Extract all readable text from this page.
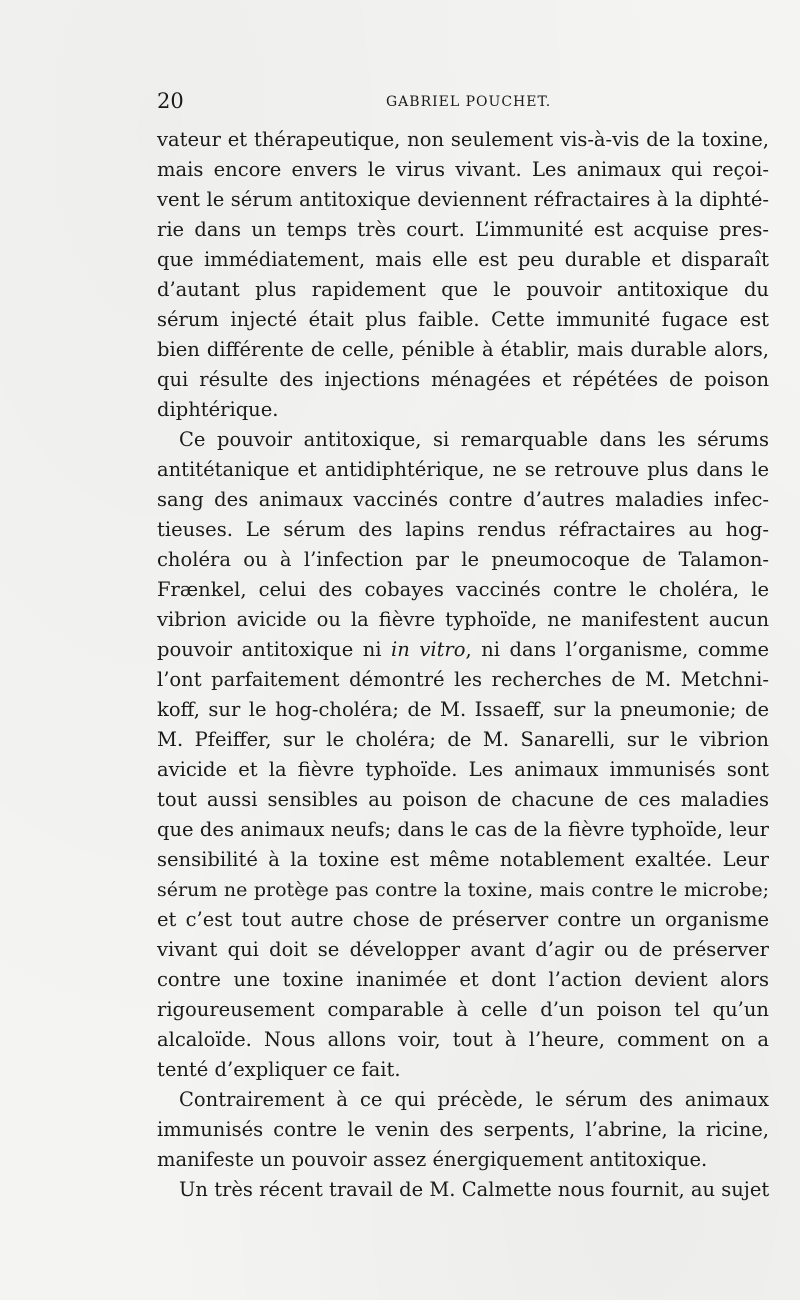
20	GABRIEL POUCHET.
vateur et thérapeutique, non seulement vis-à-vis de la toxine,
mais encore envers le virus vivant. Les animaux qui reçoi-
vent le sérum antitoxique deviennent réfractaires à la diphté-
rie dans un temps très court. L’immunité est acquise pres-
que immédiatement, mais elle est peu durable et disparaît
d’autant plus rapidement que le pouvoir antitoxique du
sérum injecté était plus faible. Cette immunité fugace est
bien différente de celle, pénible à établir, mais durable alors,
qui résulte des injections ménagées et répétées de poison
diphtérique.
Ce pouvoir antitoxique, si remarquable dans les sérums
antitétanique et antidiphtérique, ne se retrouve plus dans le
sang des animaux vaccinés contre d’autres maladies infec-
tieuses. Le sérum des lapins rendus réfractaires au hog-
choléra ou à l’infection par le pneumocoque de Talamon-
Frænkel, celui des cobayes vaccinés contre le choléra, le
vibrion avicide ou la fièvre typhoïde, ne manifestent aucun
pouvoir antitoxique ni in vitro, ni dans l’organisme, comme
l’ont parfaitement démontré les recherches de M. Metchni-
koff, sur le hog-choléra; de M. Issaeff, sur la pneumonie; de
M. Pfeiffer, sur le choléra; de M. Sanarelli, sur le vibrion
avicide et la fièvre typhoïde. Les animaux immunisés sont
tout aussi sensibles au poison de chacune de ces maladies
que des animaux neufs; dans le cas de la fièvre typhoïde, leur
sensibilité à la toxine est même notablement exaltée. Leur
sérum ne protège pas contre la toxine, mais contre le microbe;
et c’est tout autre chose de préserver contre un organisme
vivant qui doit se développer avant d’agir ou de préserver
contre une toxine inanimée et dont l’action devient alors
rigoureusement comparable à celle d’un poison tel qu’un
alcaloïde. Nous allons voir, tout à l’heure, comment on a
tenté d’expliquer ce fait.
Contrairement à ce qui précède, le sérum des animaux
immunisés contre le venin des serpents, l’abrine, la ricine,
manifeste un pouvoir assez énergiquement antitoxique.
Un très récent travail de M. Calmette nous fournit, au sujet
